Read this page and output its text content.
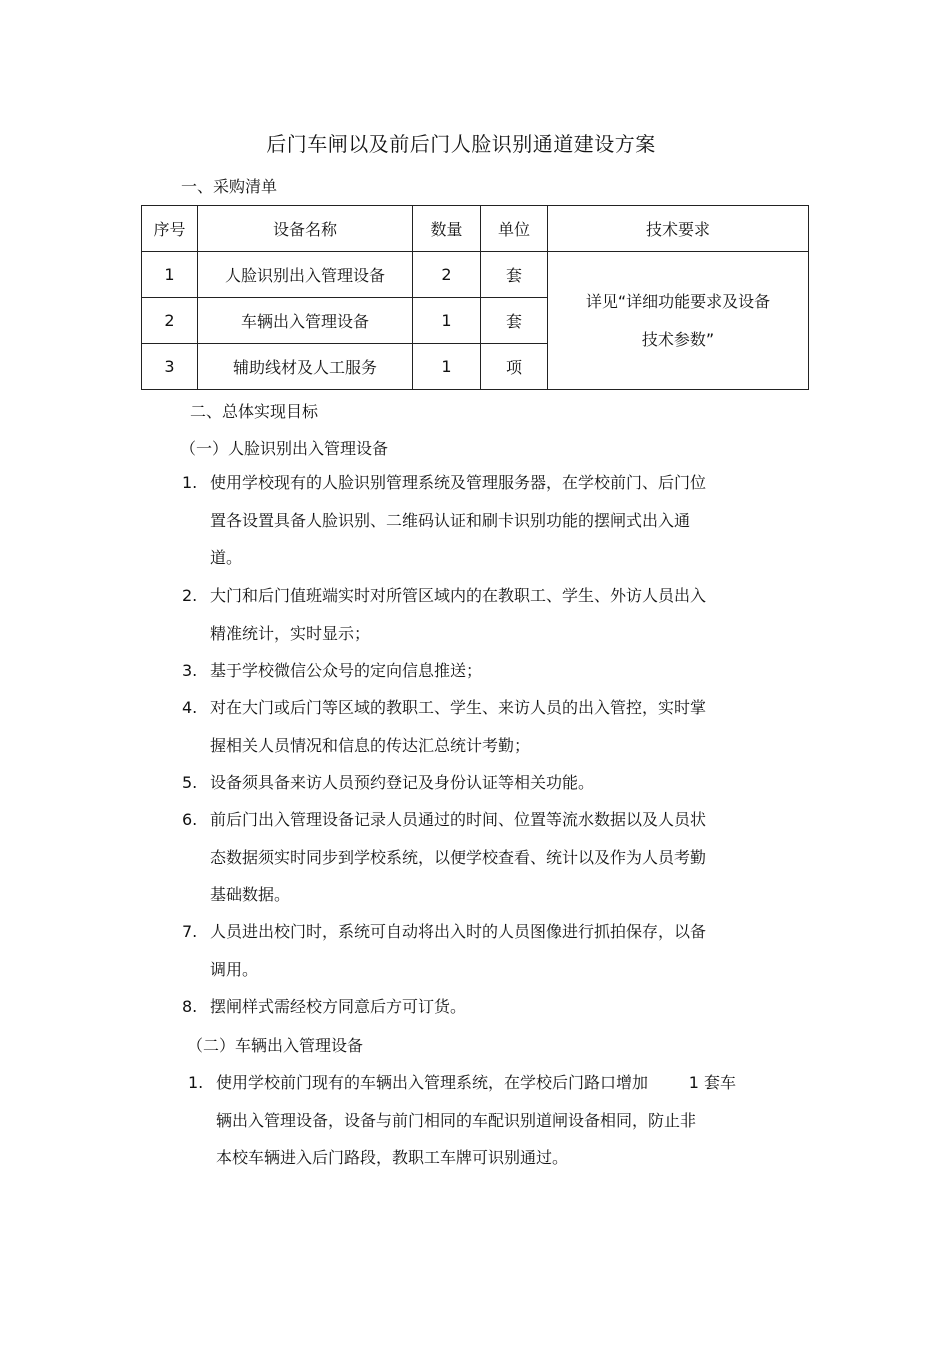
后门车闸以及前后门人脸识别通道建设方案
一、采购清单
序号	设备名称	数量	单位	技术要求
1	人脸识别出入管理设备	2	套	详见“详细功能要求及设备
技术参数”

2	车辆出入管理设备	1	套	
3	辅助线材及人工服务	1	项	
二、总体实现目标
（一）人脸识别出入管理设备
1. 使用学校现有的人脸识别管理系统及管理服务器，在学校前门、后门位
置各设置具备人脸识别、二维码认证和刷卡识别功能的摆闸式出入通
道。
2. 大门和后门值班端实时对所管区域内的在教职工、学生、外访人员出入
精准统计，实时显示；
3. 基于学校微信公众号的定向信息推送；
4. 对在大门或后门等区域的教职工、学生、来访人员的出入管控，实时掌
握相关人员情况和信息的传达汇总统计考勤；
5. 设备须具备来访人员预约登记及身份认证等相关功能。
6. 前后门出入管理设备记录人员通过的时间、位置等流水数据以及人员状
态数据须实时同步到学校系统，以便学校查看、统计以及作为人员考勤
基础数据。
7. 人员进出校门时，系统可自动将出入时的人员图像进行抓拍保存，以备
调用。
8. 摆闸样式需经校方同意后方可订货。
（二）车辆出入管理设备
1. 使用学校前门现有的车辆出入管理系统，在学校后门路口增加        1 套车
辆出入管理设备，设备与前门相同的车配识别道闸设备相同，防止非
本校车辆进入后门路段，教职工车牌可识别通过。
